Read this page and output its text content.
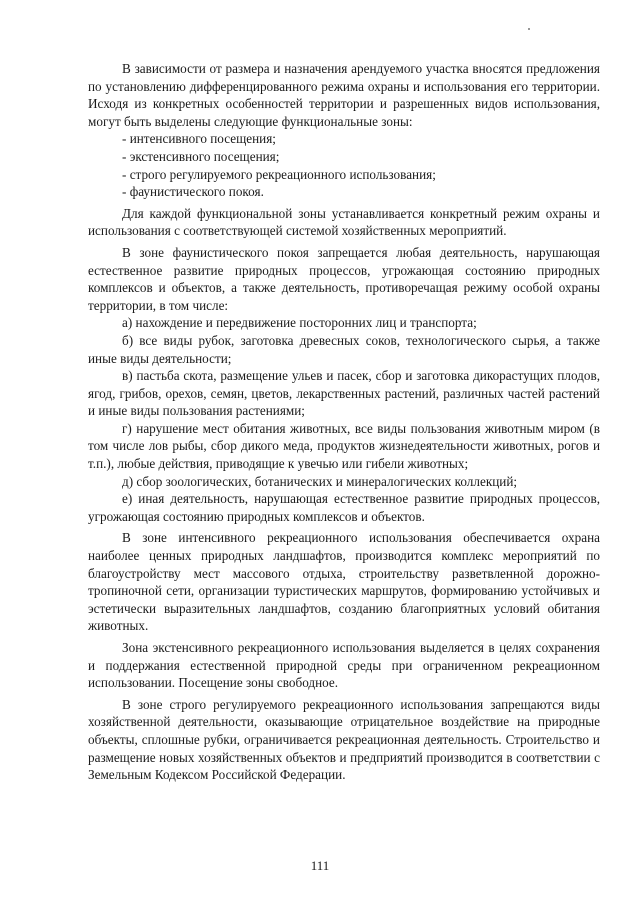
В зависимости от размера и назначения арендуемого участка вносятся предложения по установлению дифференцированного режима охраны и использования его территории. Исходя из конкретных особенностей территории и разрешенных видов использования, могут быть выделены следующие функциональные зоны:

- интенсивного посещения;

- экстенсивного посещения;

- строго регулируемого рекреационного использования;

- фаунистического покоя.

Для каждой функциональной зоны устанавливается конкретный режим охраны и использования с соответствующей системой хозяйственных мероприятий.

В зоне фаунистического покоя запрещается любая деятельность, нарушающая естественное развитие природных процессов, угрожающая состоянию природных комплексов и объектов, а также деятельность, противоречащая режиму особой охраны территории, в том числе:

а) нахождение и передвижение посторонних лиц и транспорта;

б) все виды рубок, заготовка древесных соков, технологического сырья, а также иные виды деятельности;

в) пастьба скота, размещение ульев и пасек, сбор и заготовка дикорастущих плодов, ягод, грибов, орехов, семян, цветов, лекарственных растений, различных частей растений и иные виды пользования растениями;

г) нарушение мест обитания животных, все виды пользования животным миром (в том числе лов рыбы, сбор дикого меда, продуктов жизнедеятельности животных, рогов и т.п.), любые действия, приводящие к увечью или гибели животных;

д) сбор зоологических, ботанических и минералогических коллекций;

е) иная деятельность, нарушающая естественное развитие природных процессов, угрожающая состоянию природных комплексов и объектов.

В зоне интенсивного рекреационного использования обеспечивается охрана наиболее ценных природных ландшафтов, производится комплекс мероприятий по благоустройству мест массового отдыха, строительству разветвленной дорожно-тропиночной сети, организации туристических маршрутов, формированию устойчивых и эстетически выразительных ландшафтов, созданию благоприятных условий обитания животных.

Зона экстенсивного рекреационного использования выделяется в целях сохранения и поддержания естественной природной среды при ограниченном рекреационном использовании. Посещение зоны свободное.

В зоне строго регулируемого рекреационного использования запрещаются виды хозяйственной деятельности, оказывающие отрицательное воздействие на природные объекты, сплошные рубки, ограничивается рекреационная деятельность. Строительство и размещение новых хозяйственных объектов и предприятий производится в соответствии с Земельным Кодексом Российской Федерации.

111
